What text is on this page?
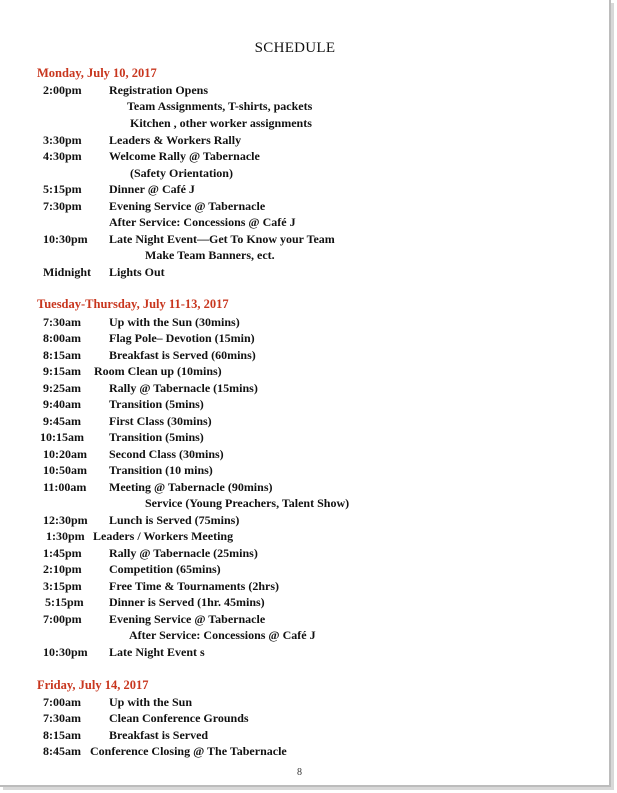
SCHEDULE
Monday, July 10, 2017
2:00pm Registration Opens
Team Assignments, T-shirts, packets
Kitchen , other worker assignments
3:30pm Leaders & Workers Rally
4:30pm Welcome Rally @ Tabernacle
(Safety Orientation)
5:15pm Dinner @ Café J
7:30pm Evening Service @ Tabernacle
After Service: Concessions @ Café J
10:30pm Late Night Event—Get To Know your Team
Make Team Banners, ect.
Midnight Lights Out
Tuesday-Thursday, July 11-13, 2017
7:30am Up with the Sun (30mins)
8:00am Flag Pole– Devotion (15min)
8:15am Breakfast is Served (60mins)
9:15am Room Clean up (10mins)
9:25am Rally @ Tabernacle (15mins)
9:40am Transition (5mins)
9:45am First Class (30mins)
10:15am Transition (5mins)
10:20am Second Class (30mins)
10:50am Transition (10 mins)
11:00am Meeting @ Tabernacle (90mins)
Service (Young Preachers, Talent Show)
12:30pm Lunch is Served (75mins)
1:30pm Leaders / Workers Meeting
1:45pm Rally @ Tabernacle (25mins)
2:10pm Competition (65mins)
3:15pm Free Time & Tournaments (2hrs)
5:15pm Dinner is Served (1hr. 45mins)
7:00pm Evening Service @ Tabernacle
After Service: Concessions @ Café J
10:30pm Late Night Event s
Friday, July 14, 2017
7:00am Up with the Sun
7:30am Clean Conference Grounds
8:15am Breakfast is Served
8:45am Conference Closing @ The Tabernacle
8
